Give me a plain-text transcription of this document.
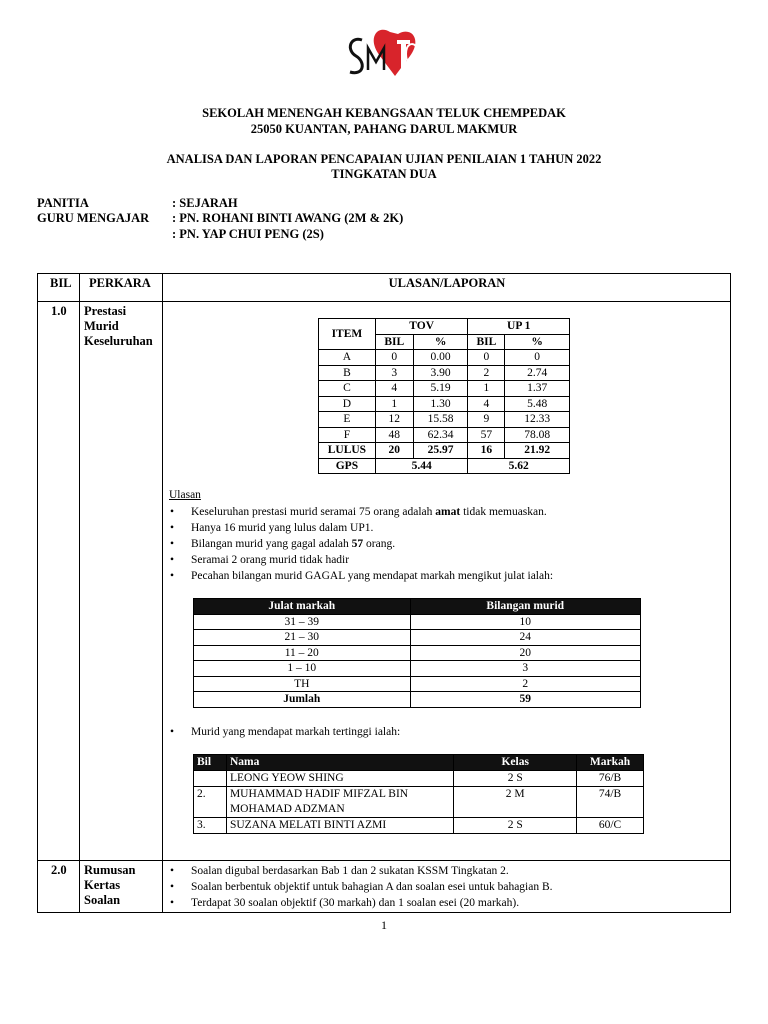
SEKOLAH MENENGAH KEBANGSAAN TELUK CHEMPEDAK
25050 KUANTAN, PAHANG DARUL MAKMUR
ANALISA DAN LAPORAN PENCAPAIAN UJIAN PENILAIAN 1 TAHUN 2022
TINGKATAN DUA
PANITIA	: SEJARAH
GURU MENGAJAR : PN. ROHANI BINTI AWANG (2M & 2K)
: PN. YAP CHUI PENG (2S)
BIL PERKARA	ULASAN/LAPORAN
1.0 Prestasi
Murid
Keseluruhan	ITEM	TOV		UP 1	
	BIL	%	BIL	%
A	0	0.00	0	0
B	3	3.90	2	2.74
C	4	5.19	1	1.37
D	1	1.30	4	5.48
E	12	15.58	9	12.33
F	48	62.34	57	78.08
LULUS	20	25.97	16	21.92
GPS	5.44		5.62	
Ulasan
• Keseluruhan prestasi murid seramai 75 orang adalah amat tidak memuaskan.
• Hanya 16 murid yang lulus dalam UP1.
• Bilangan murid yang gagal adalah 57 orang.
• Seramai 2 orang murid tidak hadir
• Pecahan bilangan murid GAGAL yang mendapat markah mengikut julat ialah:
Julat markah	Bilangan murid
31 – 39	10
21 – 30	24
11 – 20	20
1 – 10	3
TH	2
Jumlah	59
• Murid yang mendapat markah tertinggi ialah:
Bil	Nama	Kelas	Markah
	LEONG YEOW SHING	2 S	76/B
2.	MUHAMMAD HADIF MIFZAL BIN MOHAMAD ADZMAN	2 M	74/B
3.	SUZANA MELATI BINTI AZMI	2 S	60/C
2.0 Rumusan
Kertas
Soalan
• Soalan digubal berdasarkan Bab 1 dan 2 sukatan KSSM Tingkatan 2.
• Soalan berbentuk objektif untuk bahagian A dan soalan esei untuk bahagian B.
• Terdapat 30 soalan objektif (30 markah) dan 1 soalan esei (20 markah).
1
